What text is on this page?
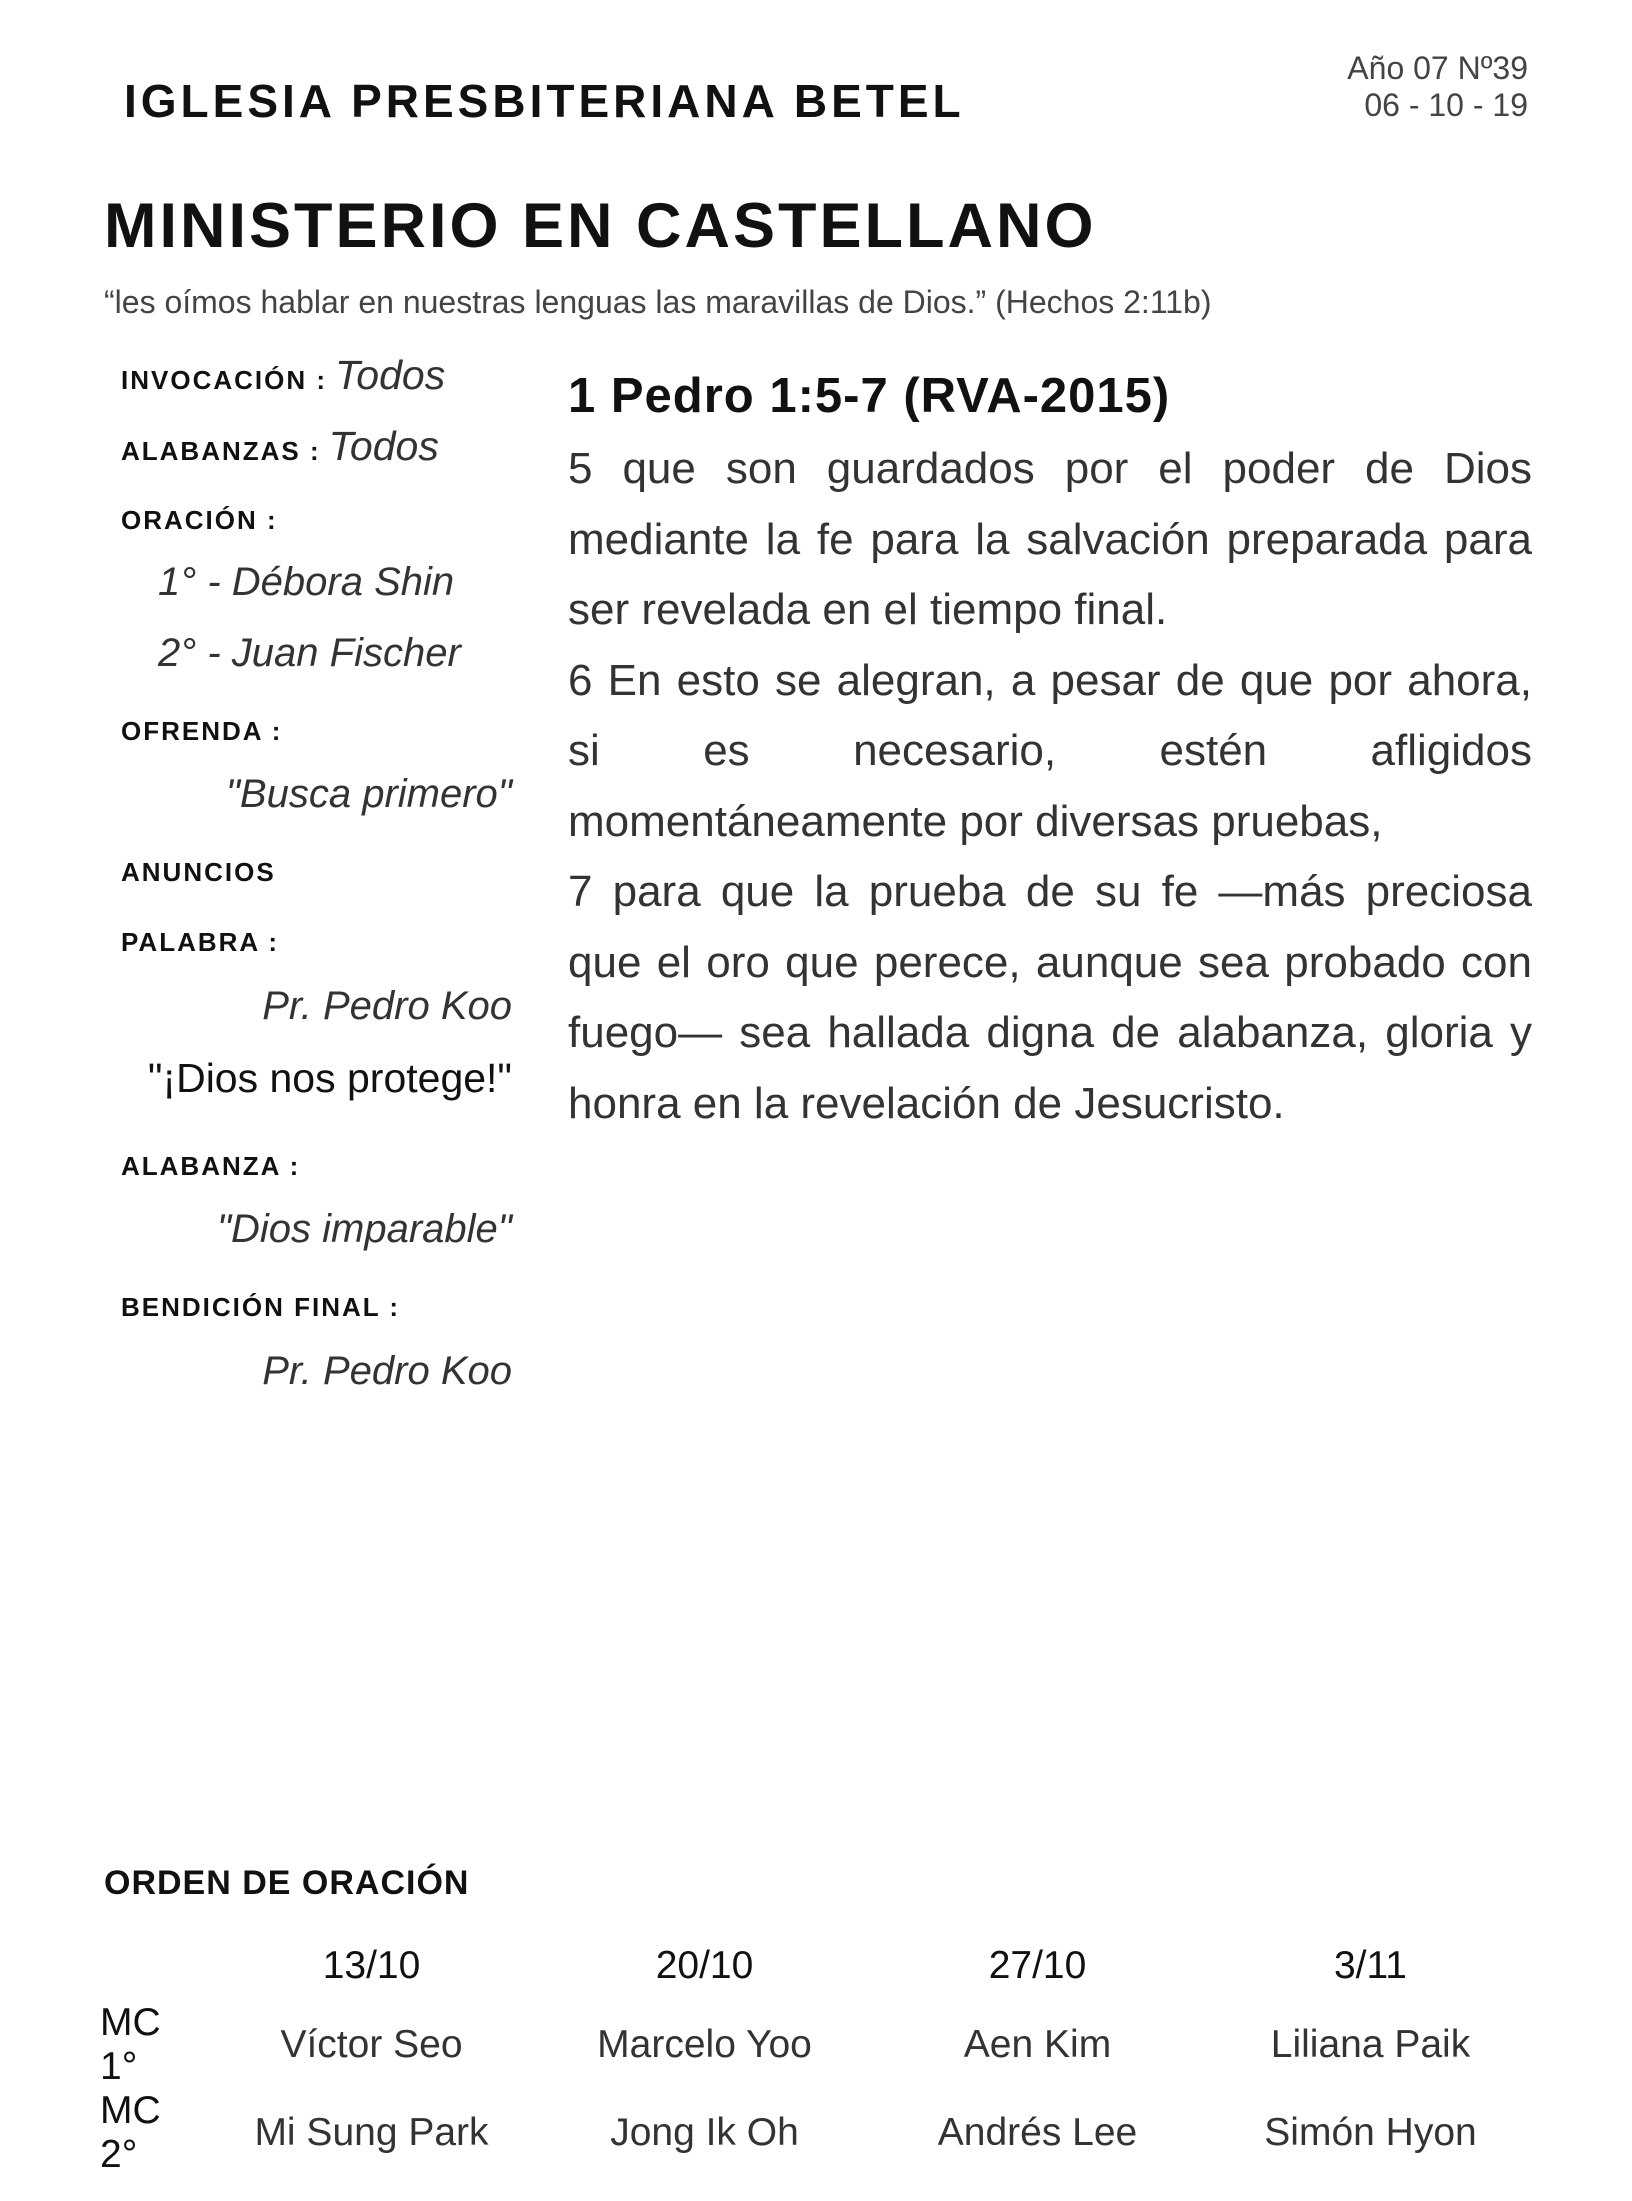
IGLESIA PRESBITERIANA BETEL
Año 07 Nº39
06 - 10 - 19
MINISTERIO EN CASTELLANO
“les oímos hablar en nuestras lenguas las maravillas de Dios.” (Hechos 2:11b)
INVOCACIÓN : Todos
ALABANZAS : Todos
ORACIÓN :
1° - Débora Shin
2° - Juan Fischer
OFRENDA :
"Busca primero"
ANUNCIOS
PALABRA :
Pr. Pedro Koo
"¡Dios nos protege!"
ALABANZA :
"Dios imparable"
BENDICIÓN FINAL :
Pr. Pedro Koo
1 Pedro 1:5-7 (RVA-2015)
5 que son guardados por el poder de Dios mediante la fe para la salvación preparada para ser revelada en el tiempo final.
6 En esto se alegran, a pesar de que por ahora, si es necesario, estén afligidos momentáneamente por diversas pruebas,
7 para que la prueba de su fe —más preciosa que el oro que perece, aunque sea probado con fuego— sea hallada digna de alabanza, gloria y honra en la revelación de Jesucristo.
ORDEN DE ORACIÓN
	13/10	20/10	27/10	3/11
MC 1°	Víctor Seo	Marcelo Yoo	Aen Kim	Liliana Paik
MC 2°	Mi Sung Park	Jong Ik Oh	Andrés Lee	Simón Hyon
